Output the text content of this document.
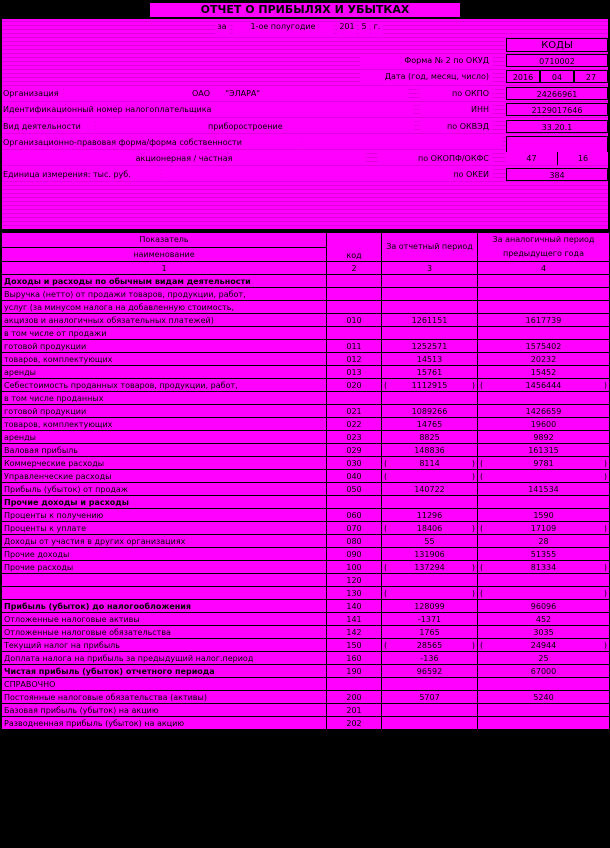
ОТЧЕТ О ПРИБЫЛЯХ И УБЫТКАХ
за	1-ое полугодие	201 5 г.
КОДЫ
Форма № 2 по ОКУД	0710002
Дата (год, месяц, число)	2016	04	27
Организация	ОАО "ЭЛАРА"	по ОКПО	24266961
Идентификационный номер налогоплательщика	ИНН	2129017646
Вид деятельности	приборостроение	по ОКВЭД	33.20.1
Организационно-правовая форма/форма собственности
акционерная / частная	по ОКОПФ/ОКФС	47	16
Единица измерения: тыс. руб.	по ОКЕИ	384
Показатель	код	За отчетный период	За аналогичный период предыдущего года
наименование			
1	2	3	4
Доходы и расходы по обычным видам деятельности			
Выручка (нетто) от продажи товаров, продукции, работ,			
услуг (за минусом налога на добавленную стоимость,			
акцизов и аналогичных обязательных платежей)	010	1261151	1617739
в том числе от продажи			
готовой продукции	011	1252571	1575402
товаров, комплектующих	012	14513	20232
аренды	013	15761	15452
Себестоимость проданных товаров, продукции, работ,	020	( 1112915 )	( 1456444 )
в том числе проданных			
готовой продукции	021	1089266	1426659
товаров, комплектующих	022	14765	19600
аренды	023	8825	9892
Валовая прибыль	029	148836	161315
Коммерческие расходы	030	( 8114 )	( 9781 )
Управленческие расходы	040	( )	( )
Прибыль (убыток) от продаж	050	140722	141534
Прочие доходы и расходы			
Проценты к получению	060	11296	1590
Проценты к уплате	070	( 18406 )	( 17109 )
Доходы от участия в других организациях	080	55	28
Прочие доходы	090	131906	51355
Прочие расходы	100	( 137294 )	( 81334 )
	120		
	130	( )	( )
Прибыль (убыток) до налогообложения	140	128099	96096
Отложенные налоговые активы	141	-1371	452
Отложенные налоговые обязательства	142	1765	3035
Текущий налог на прибыль	150	( 28565 )	( 24944 )
Доплата налога на прибыль за предыдущий налог.период	160	-136	25
Чистая прибыль (убыток) отчетного периода	190	96592	67000
СПРАВОЧНО			
Постоянные налоговые обязательства (активы)	200	5707	5240
Базовая прибыль (убыток) на акцию	201		
Разводненная прибыль (убыток) на акцию	202		
